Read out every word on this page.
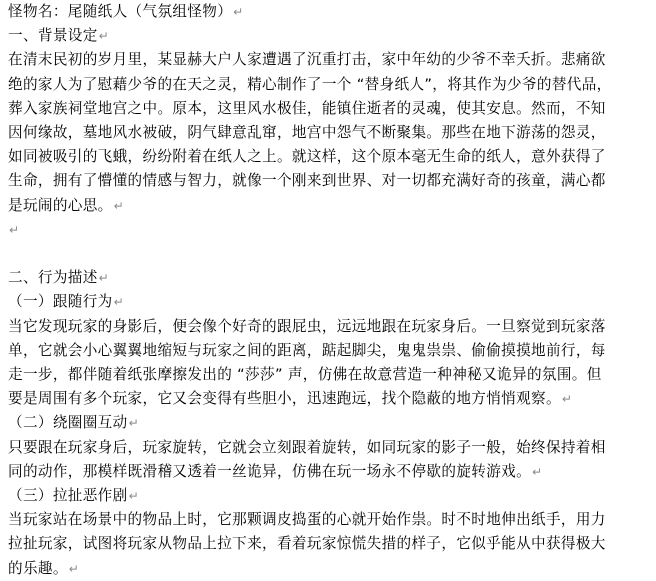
怪物名：尾随纸人（气氛组怪物）↵
一、背景设定↵
在清末民初的岁月里，某显赫大户人家遭遇了沉重打击，家中年幼的少爷不幸夭折。悲痛欲
绝的家人为了慰藉少爷的在天之灵，精心制作了一个 “替身纸人”，将其作为少爷的替代品，
葬入家族祠堂地宫之中。原本，这里风水极佳，能镇住逝者的灵魂，使其安息。然而，不知
因何缘故，墓地风水被破，阴气肆意乱窜，地宫中怨气不断聚集。那些在地下游荡的怨灵，
如同被吸引的飞蛾，纷纷附着在纸人之上。就这样，这个原本毫无生命的纸人，意外获得了
生命，拥有了懵懂的情感与智力，就像一个刚来到世界、对一切都充满好奇的孩童，满心都
是玩闹的心思。↵
↵
二、行为描述↵
（一）跟随行为↵
当它发现玩家的身影后，便会像个好奇的跟屁虫，远远地跟在玩家身后。一旦察觉到玩家落
单，它就会小心翼翼地缩短与玩家之间的距离，踮起脚尖，鬼鬼祟祟、偷偷摸摸地前行，每
走一步，都伴随着纸张摩擦发出的 “莎莎” 声，仿佛在故意营造一种神秘又诡异的氛围。但
要是周围有多个玩家，它又会变得有些胆小，迅速跑远，找个隐蔽的地方悄悄观察。↵
（二）绕圈圈互动↵
只要跟在玩家身后，玩家旋转，它就会立刻跟着旋转，如同玩家的影子一般，始终保持着相
同的动作，那模样既滑稽又透着一丝诡异，仿佛在玩一场永不停歇的旋转游戏。↵
（三）拉扯恶作剧↵
当玩家站在场景中的物品上时，它那颗调皮捣蛋的心就开始作祟。时不时地伸出纸手，用力
拉扯玩家，试图将玩家从物品上拉下来，看着玩家惊慌失措的样子，它似乎能从中获得极大
的乐趣。↵
